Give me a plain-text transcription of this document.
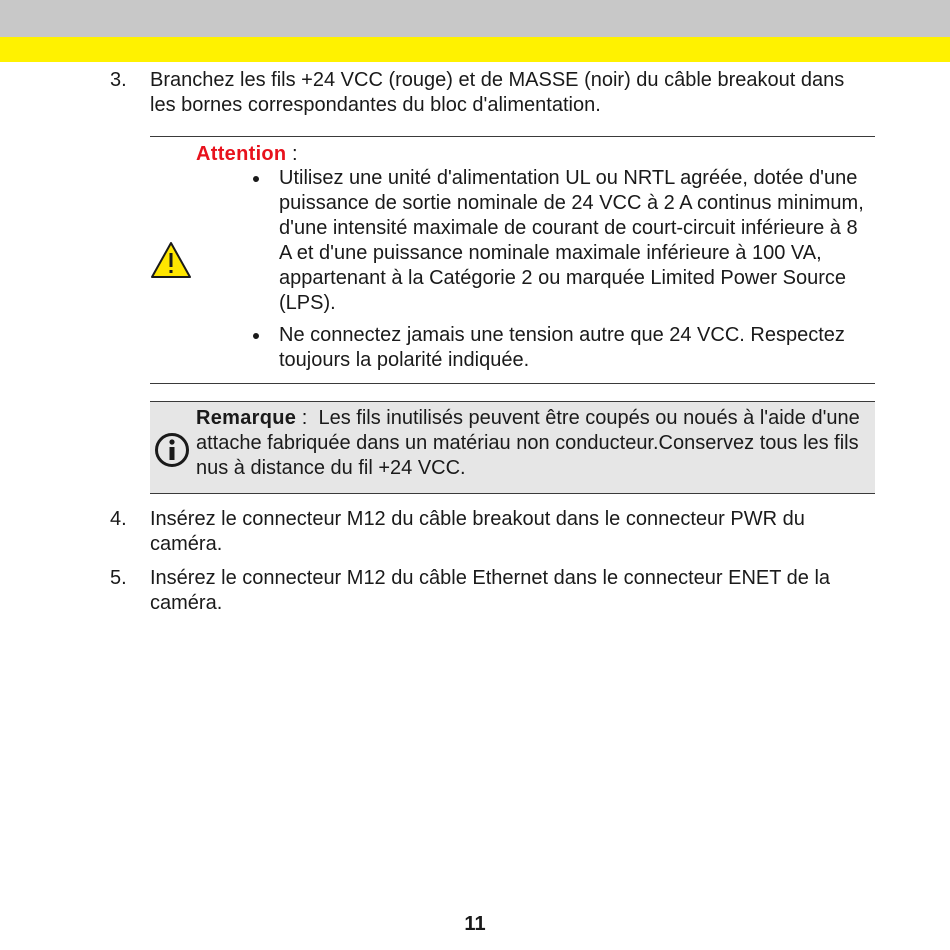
3. Branchez les fils +24 VCC (rouge) et de MASSE (noir) du câble breakout dans les bornes correspondantes du bloc d'alimentation.
Attention :
Utilisez une unité d'alimentation UL ou NRTL agréée, dotée d'une puissance de sortie nominale de 24 VCC à 2 A continus minimum, d'une intensité maximale de courant de court-circuit inférieure à 8 A et d'une puissance nominale maximale inférieure à 100 VA, appartenant à la Catégorie 2 ou marquée Limited Power Source (LPS).
Ne connectez jamais une tension autre que 24 VCC. Respectez toujours la polarité indiquée.
Remarque :  Les fils inutilisés peuvent être coupés ou noués à l'aide d'une attache fabriquée dans un matériau non conducteur.Conservez tous les fils nus à distance du fil +24 VCC.
4. Insérez le connecteur M12 du câble breakout dans le connecteur PWR du caméra.
5. Insérez le connecteur M12 du câble Ethernet dans le connecteur ENET de la caméra.
11
